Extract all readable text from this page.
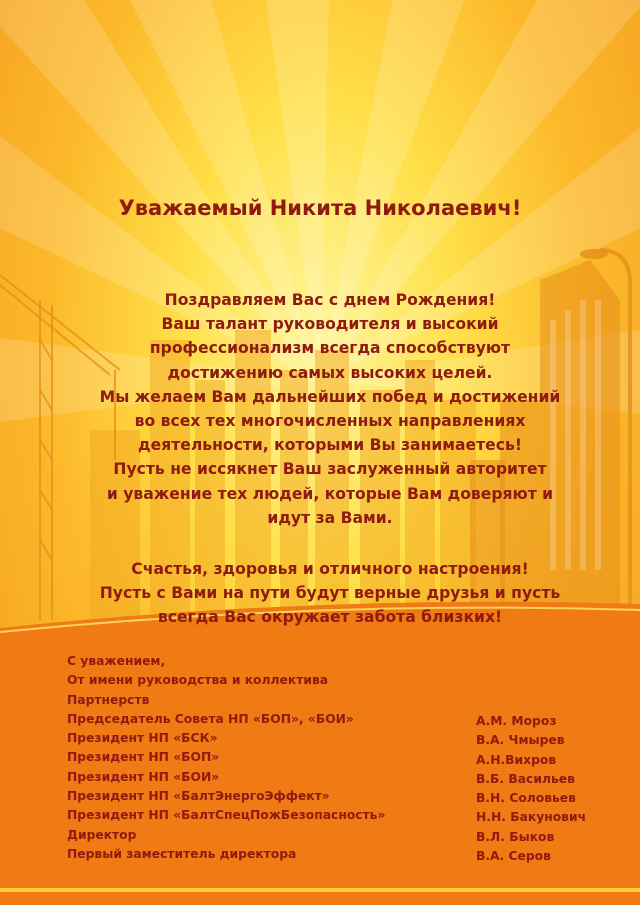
Уважаемый Никита Николаевич!

Поздравляем Вас с днем Рождения!

Ваш талант руководителя и высокий

профессионализм всегда способствуют

достижению самых высоких целей.

Мы желаем Вам дальнейших побед и достижений

во всех тех многочисленных направлениях

деятельности, которыми Вы занимаетесь!

Пусть не иссякнет Ваш заслуженный авторитет

и уважение тех людей, которые Вам доверяют и

идут за Вами.

Счастья, здоровья и отличного настроения!

Пусть с Вами на пути будут верные друзья и пусть

всегда Вас окружает забота близких!

С уважением,
От имени руководства и коллектива
Партнерств
Председатель Совета НП «БОП», «БОИ»
Президент НП «БСК»
Президент НП «БОП»
Президент НП «БОИ»
Президент НП «БалтЭнергоЭффект»
Президент НП «БалтСпецПожБезопасность»
Директор
Первый заместитель директора
А.М. Мороз
В.А. Чмырев
А.Н.Вихров
В.Б. Васильев
В.Н. Соловьев
Н.Н. Бакунович
В.Л. Быков
В.А. Серов
